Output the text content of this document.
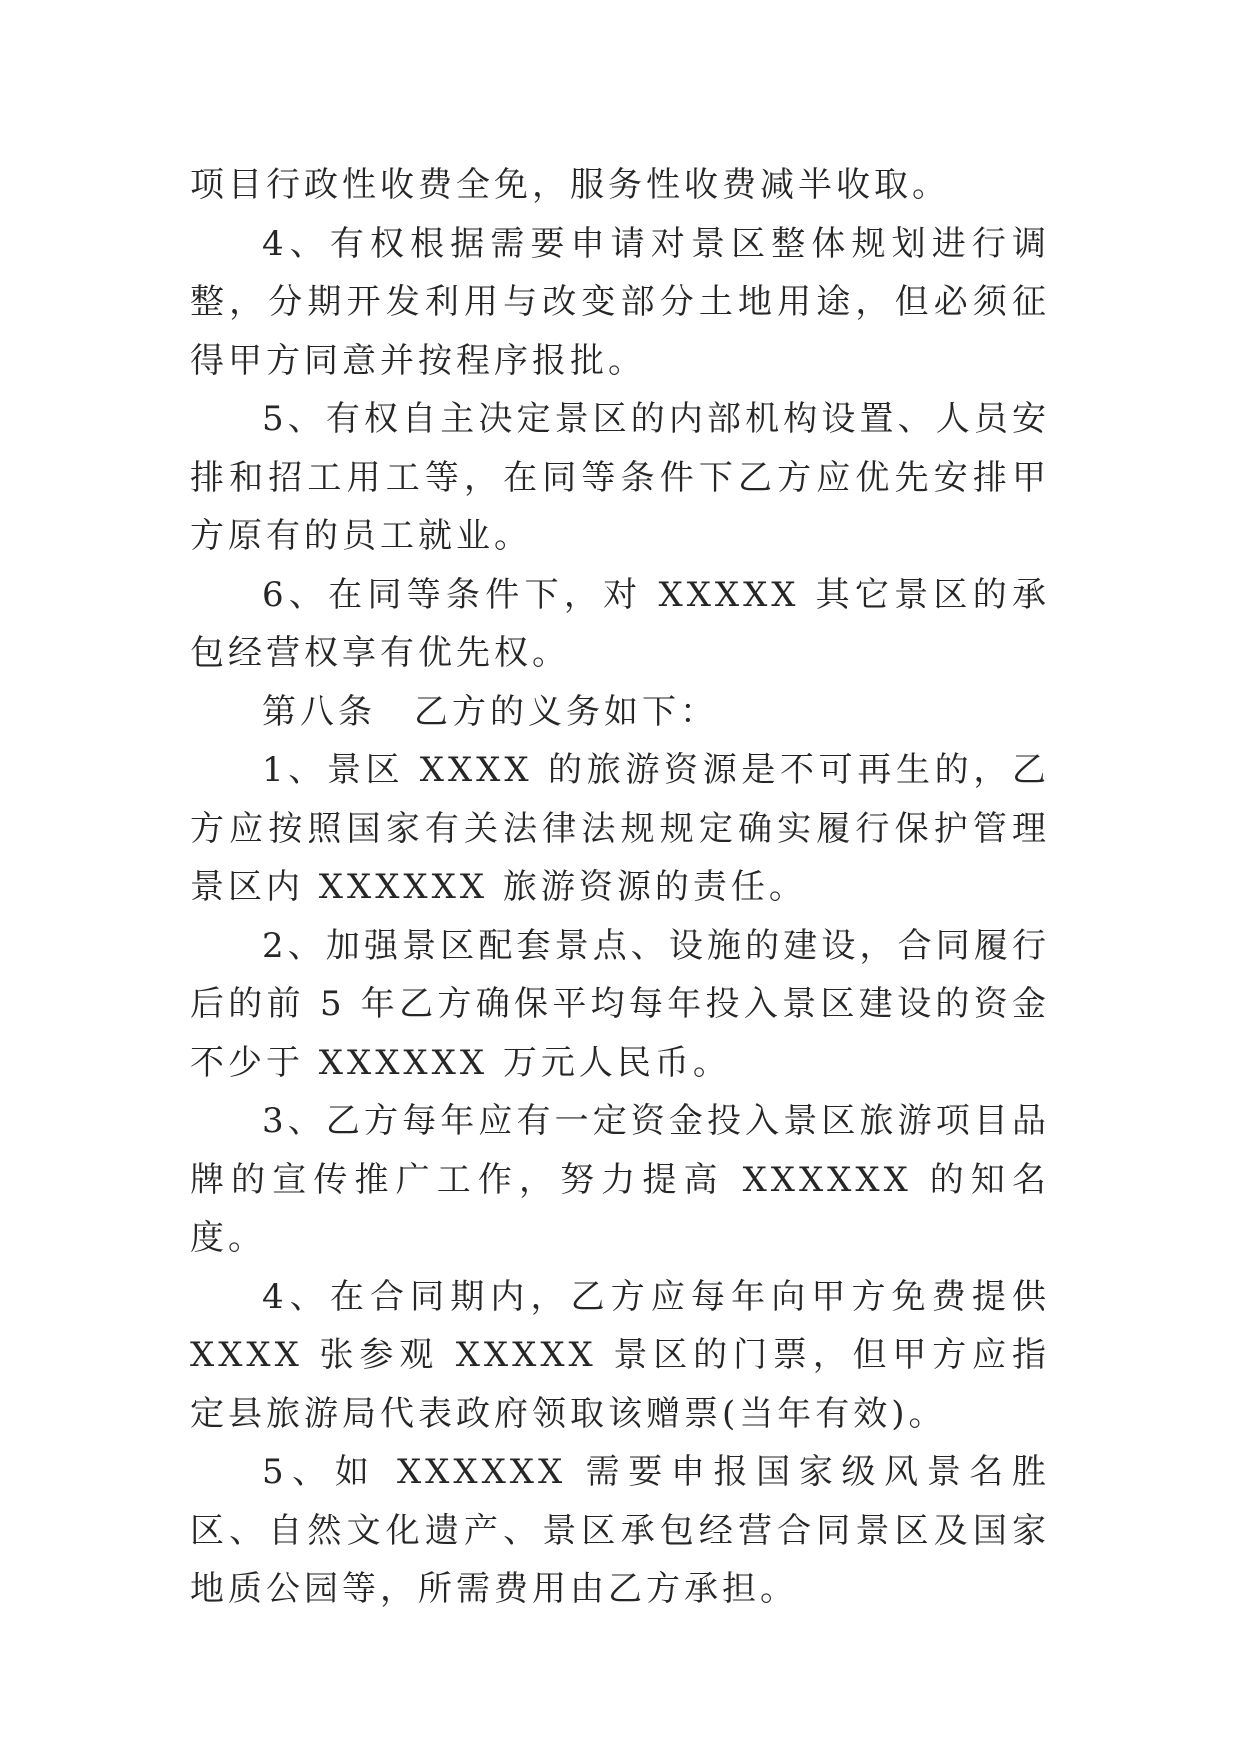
项目行政性收费全免，服务性收费减半收取。

4、有权根据需要申请对景区整体规划进行调整，分期开发利用与改变部分土地用途，但必须征得甲方同意并按程序报批。

5、有权自主决定景区的内部机构设置、人员安排和招工用工等，在同等条件下乙方应优先安排甲方原有的员工就业。

6、在同等条件下，对 XXXXX 其它景区的承包经营权享有优先权。

第八条　乙方的义务如下：

1、景区 XXXX 的旅游资源是不可再生的，乙方应按照国家有关法律法规规定确实履行保护管理景区内 XXXXXX 旅游资源的责任。

2、加强景区配套景点、设施的建设，合同履行后的前 5 年乙方确保平均每年投入景区建设的资金不少于 XXXXXX 万元人民币。

3、乙方每年应有一定资金投入景区旅游项目品牌的宣传推广工作，努力提高 XXXXXX 的知名度。

4、在合同期内，乙方应每年向甲方免费提供 XXXX 张参观 XXXXX 景区的门票，但甲方应指定县旅游局代表政府领取该赠票(当年有效)。

5、如 XXXXXX 需要申报国家级风景名胜区、自然文化遗产、景区承包经营合同景区及国家地质公园等，所需费用由乙方承担。
